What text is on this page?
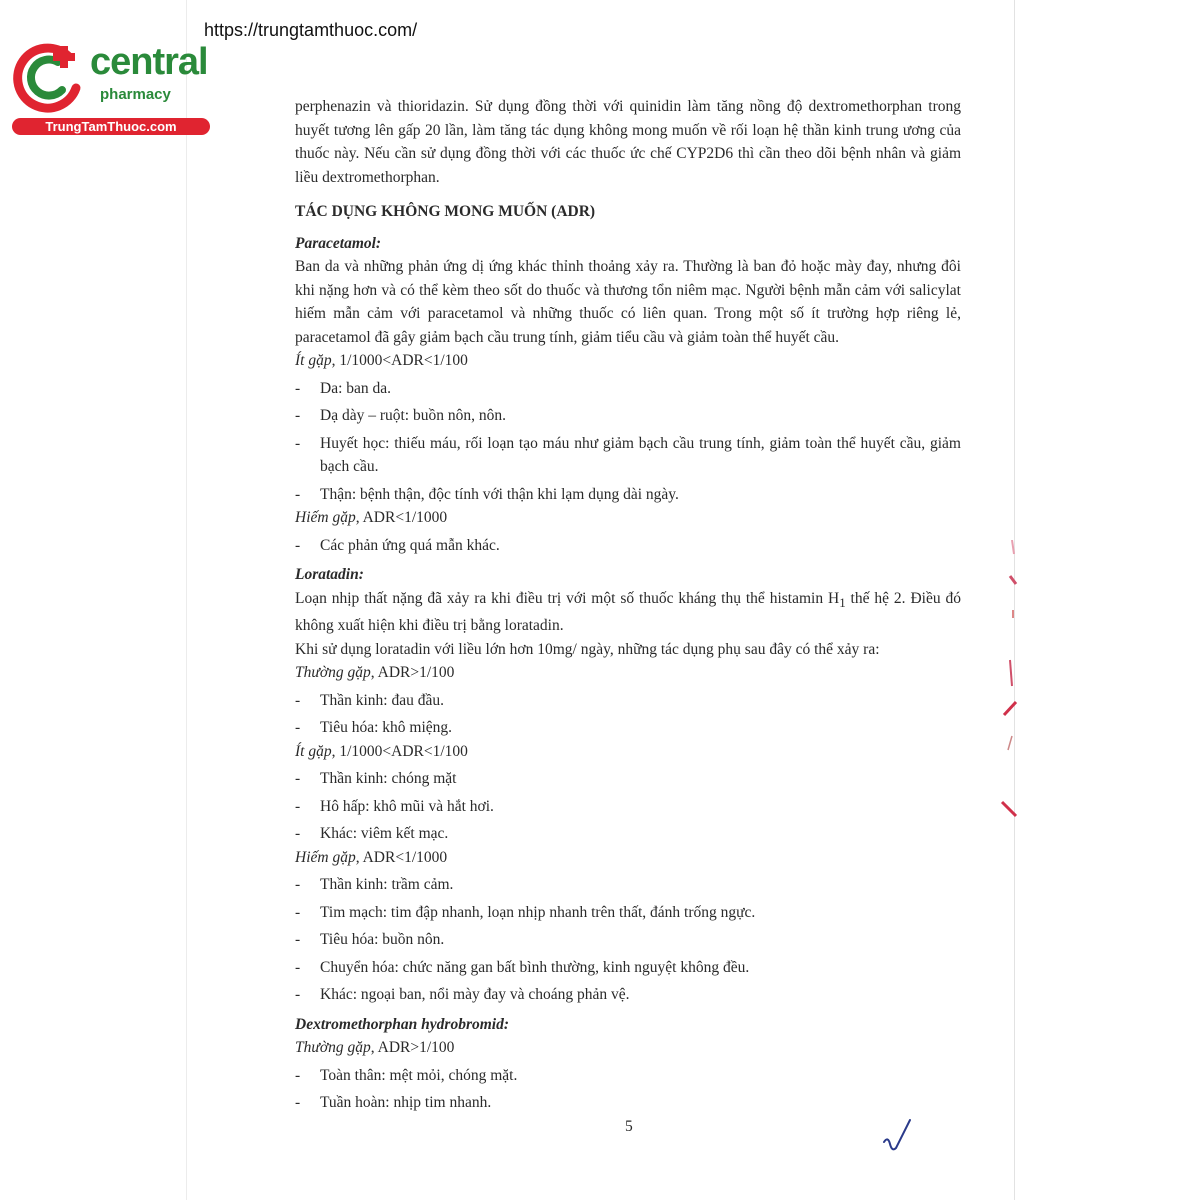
https://trungtamthuoc.com/
central
pharmacy
TrungTamThuoc.com

perphenazin và thioridazin. Sử dụng đồng thời với quinidin làm tăng nồng độ dextromethorphan trong huyết tương lên gấp 20 lần, làm tăng tác dụng không mong muốn về rối loạn hệ thần kinh trung ương của thuốc này. Nếu cần sử dụng đồng thời với các thuốc ức chế CYP2D6 thì cần theo dõi bệnh nhân và giảm liều dextromethorphan.

TÁC DỤNG KHÔNG MONG MUỐN (ADR)

Paracetamol:

Ban da và những phản ứng dị ứng khác thỉnh thoảng xảy ra. Thường là ban đỏ hoặc mày đay, nhưng đôi khi nặng hơn và có thể kèm theo sốt do thuốc và thương tổn niêm mạc. Người bệnh mẫn cảm với salicylat hiếm mẫn cảm với paracetamol và những thuốc có liên quan. Trong một số ít trường hợp riêng lẻ, paracetamol đã gây giảm bạch cầu trung tính, giảm tiểu cầu và giảm toàn thể huyết cầu.

Ít gặp, 1/1000<ADR<1/100

- Da: ban da.
- Dạ dày – ruột: buồn nôn, nôn.
- Huyết học: thiếu máu, rối loạn tạo máu như giảm bạch cầu trung tính, giảm toàn thể huyết cầu, giảm bạch cầu.
- Thận: bệnh thận, độc tính với thận khi lạm dụng dài ngày.

Hiếm gặp, ADR<1/1000

- Các phản ứng quá mẫn khác.

Loratadin:

Loạn nhịp thất nặng đã xảy ra khi điều trị với một số thuốc kháng thụ thể histamin $H_1$ thế hệ 2. Điều đó không xuất hiện khi điều trị bằng loratadin.

Khi sử dụng loratadin với liều lớn hơn 10mg/ ngày, những tác dụng phụ sau đây có thể xảy ra:

Thường gặp, ADR>1/100

- Thần kinh: đau đầu.
- Tiêu hóa: khô miệng.

Ít gặp, 1/1000<ADR<1/100

- Thần kinh: chóng mặt
- Hô hấp: khô mũi và hắt hơi.
- Khác: viêm kết mạc.

Hiếm gặp, ADR<1/1000

- Thần kinh: trầm cảm.
- Tim mạch: tim đập nhanh, loạn nhịp nhanh trên thất, đánh trống ngực.
- Tiêu hóa: buồn nôn.
- Chuyển hóa: chức năng gan bất bình thường, kinh nguyệt không đều.
- Khác: ngoại ban, nổi mày đay và choáng phản vệ.

Dextromethorphan hydrobromid:

Thường gặp, ADR>1/100

- Toàn thân: mệt mỏi, chóng mặt.
- Tuần hoàn: nhịp tim nhanh.
5
